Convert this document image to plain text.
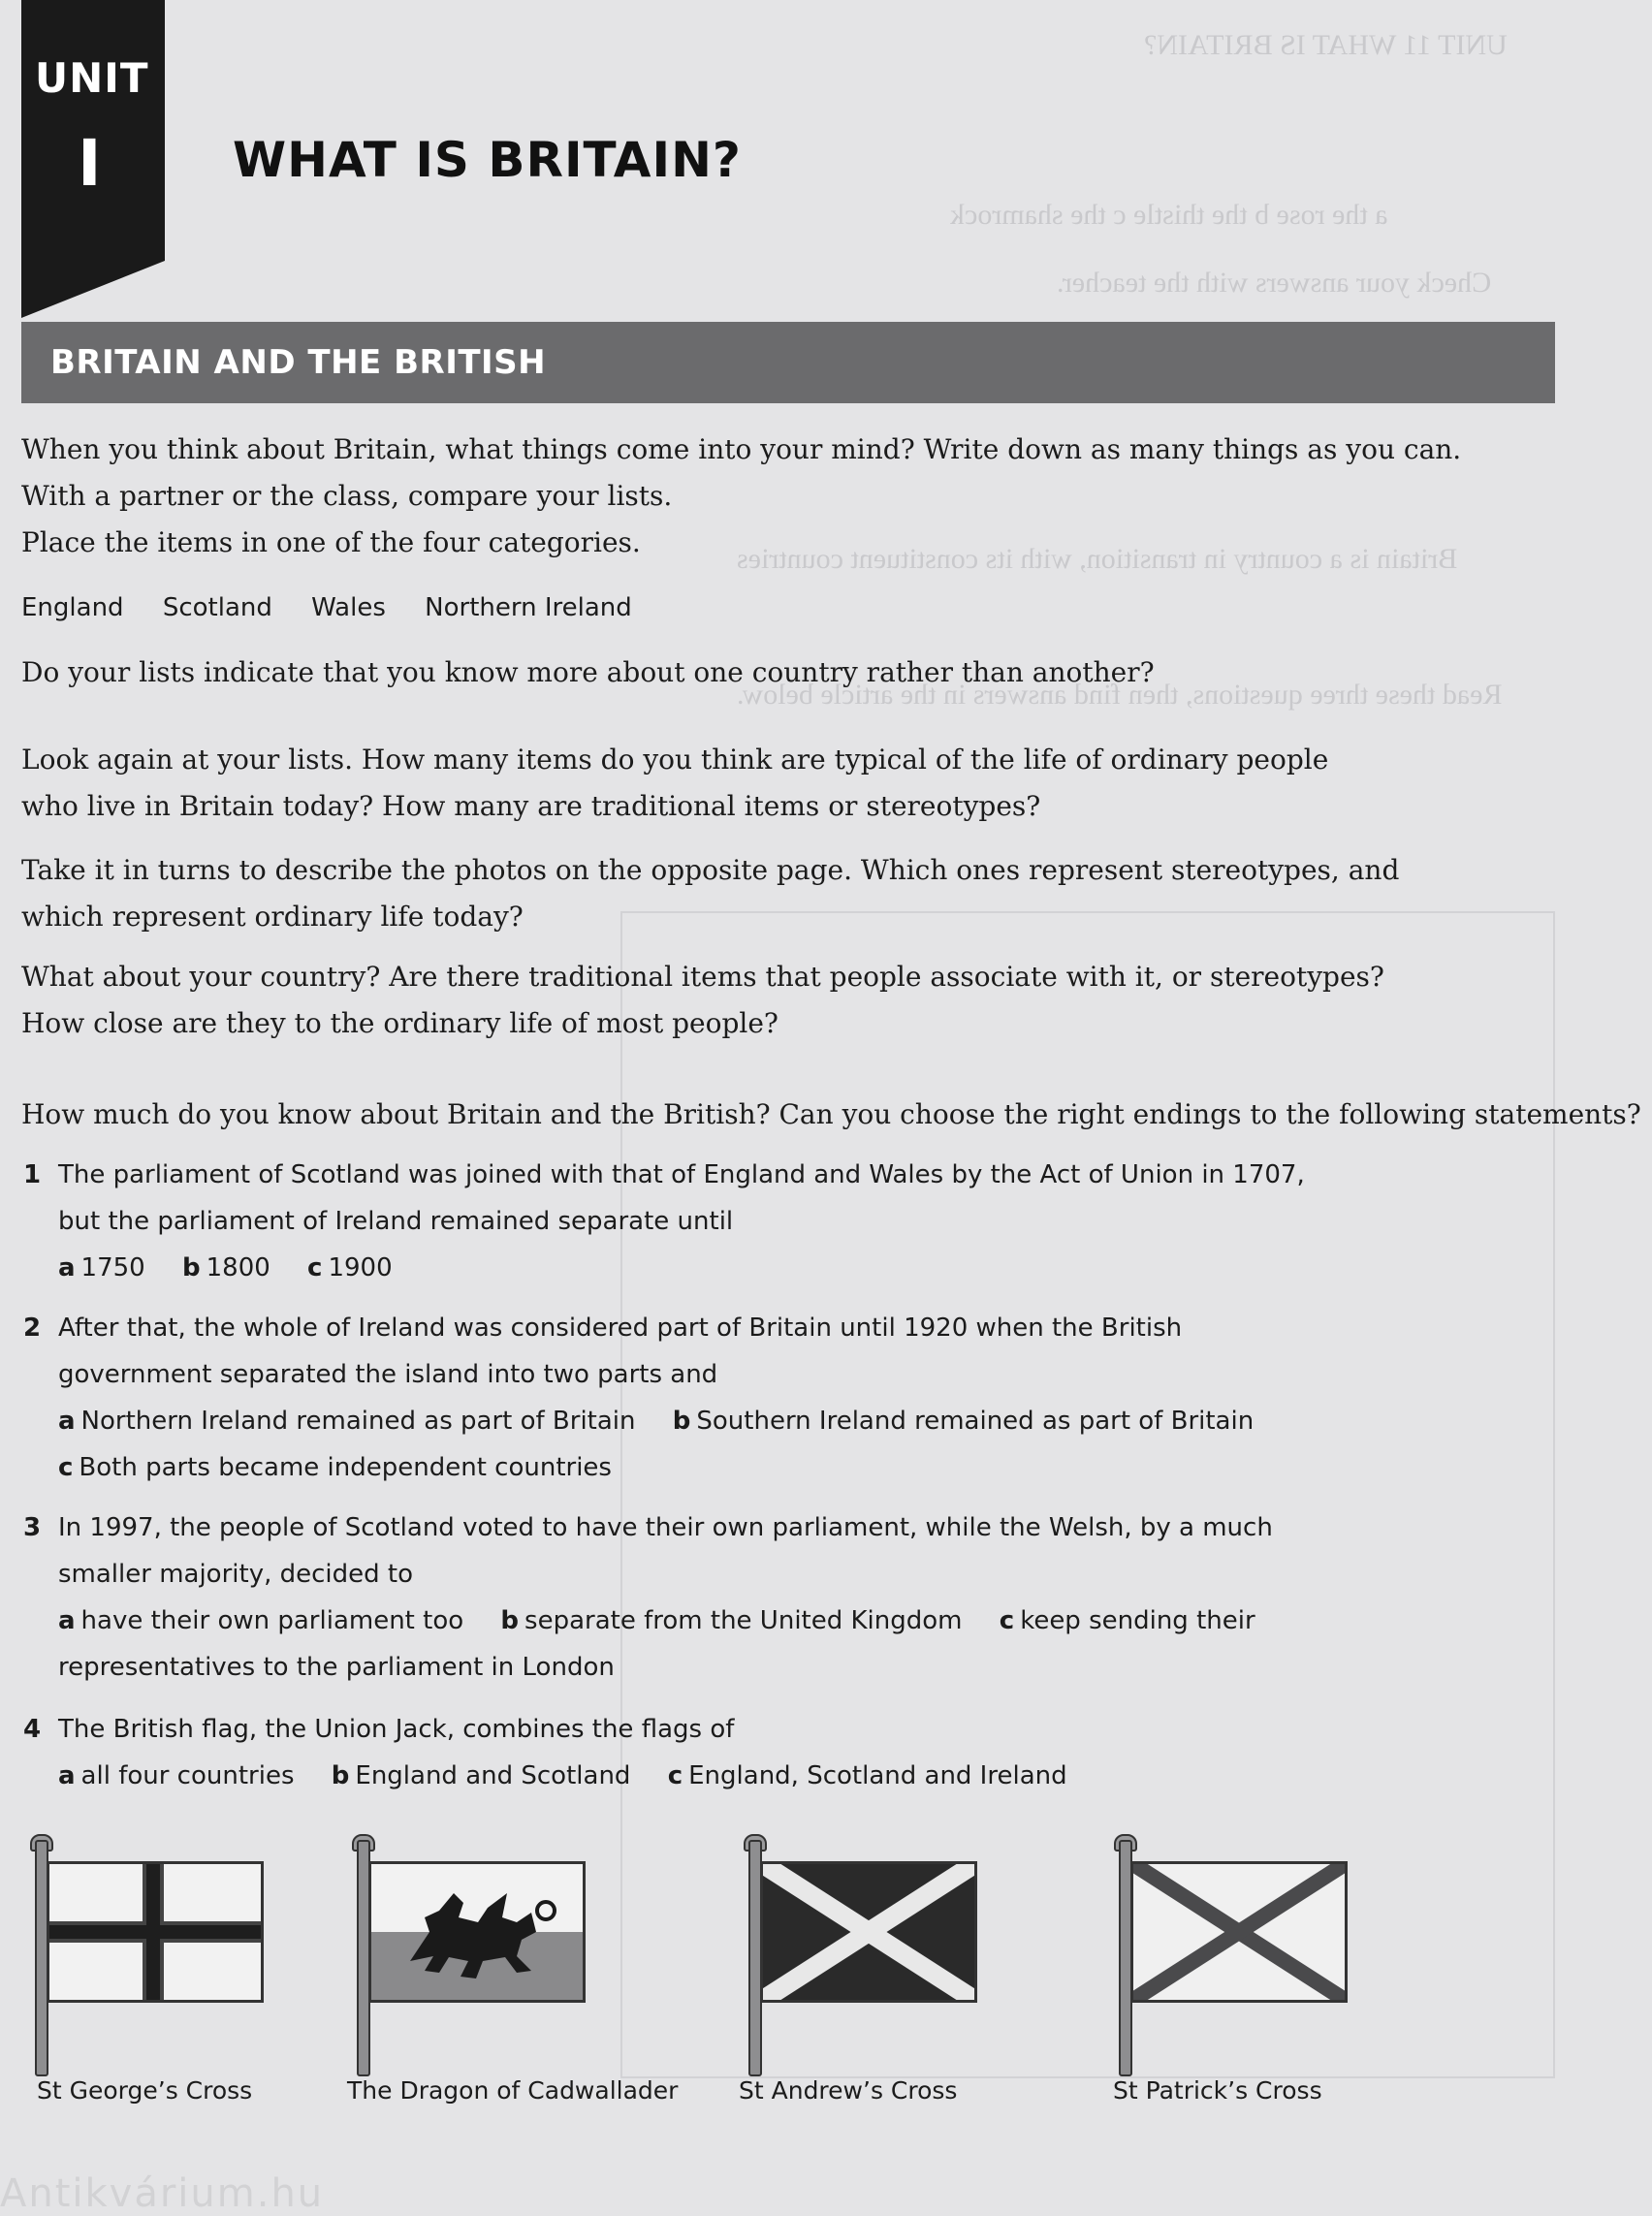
UNIT 11 WHAT IS BRITAIN?
a the rose b the thistle c the shamrock
Check your answers with the teacher.
Britain is a country in transition, with its constituent countries
Read these three questions, then find answers in the article below.
UNIT
I	WHAT IS BRITAIN?
BRITAIN AND THE BRITISH
When you think about Britain, what things come into your mind? Write down as many things as you can.
With a partner or the class, compare your lists.
Place the items in one of the four categories.
England Scotland Wales Northern Ireland
Do your lists indicate that you know more about one country rather than another?
Look again at your lists. How many items do you think are typical of the life of ordinary people
who live in Britain today? How many are traditional items or stereotypes?
Take it in turns to describe the photos on the opposite page. Which ones represent stereotypes, and
which represent ordinary life today?
What about your country? Are there traditional items that people associate with it, or stereotypes?
How close are they to the ordinary life of most people?
How much do you know about Britain and the British? Can you choose the right endings to the following statements?
1 The parliament of Scotland was joined with that of England and Wales by the Act of Union in 1707,
but the parliament of Ireland remained separate until
a 1750 b 1800 c 1900
2 After that, the whole of Ireland was considered part of Britain until 1920 when the British
government separated the island into two parts and
a Northern Ireland remained as part of Britain b Southern Ireland remained as part of Britain
c Both parts became independent countries
3 In 1997, the people of Scotland voted to have their own parliament, while the Welsh, by a much
smaller majority, decided to
a have their own parliament too b separate from the United Kingdom c keep sending their
representatives to the parliament in London
4 The British flag, the Union Jack, combines the flags of
a all four countries b England and Scotland c England, Scotland and Ireland
St George’s Cross	The Dragon of Cadwallader	St Andrew’s Cross	St Patrick’s Cross
Antikvárium.hu
